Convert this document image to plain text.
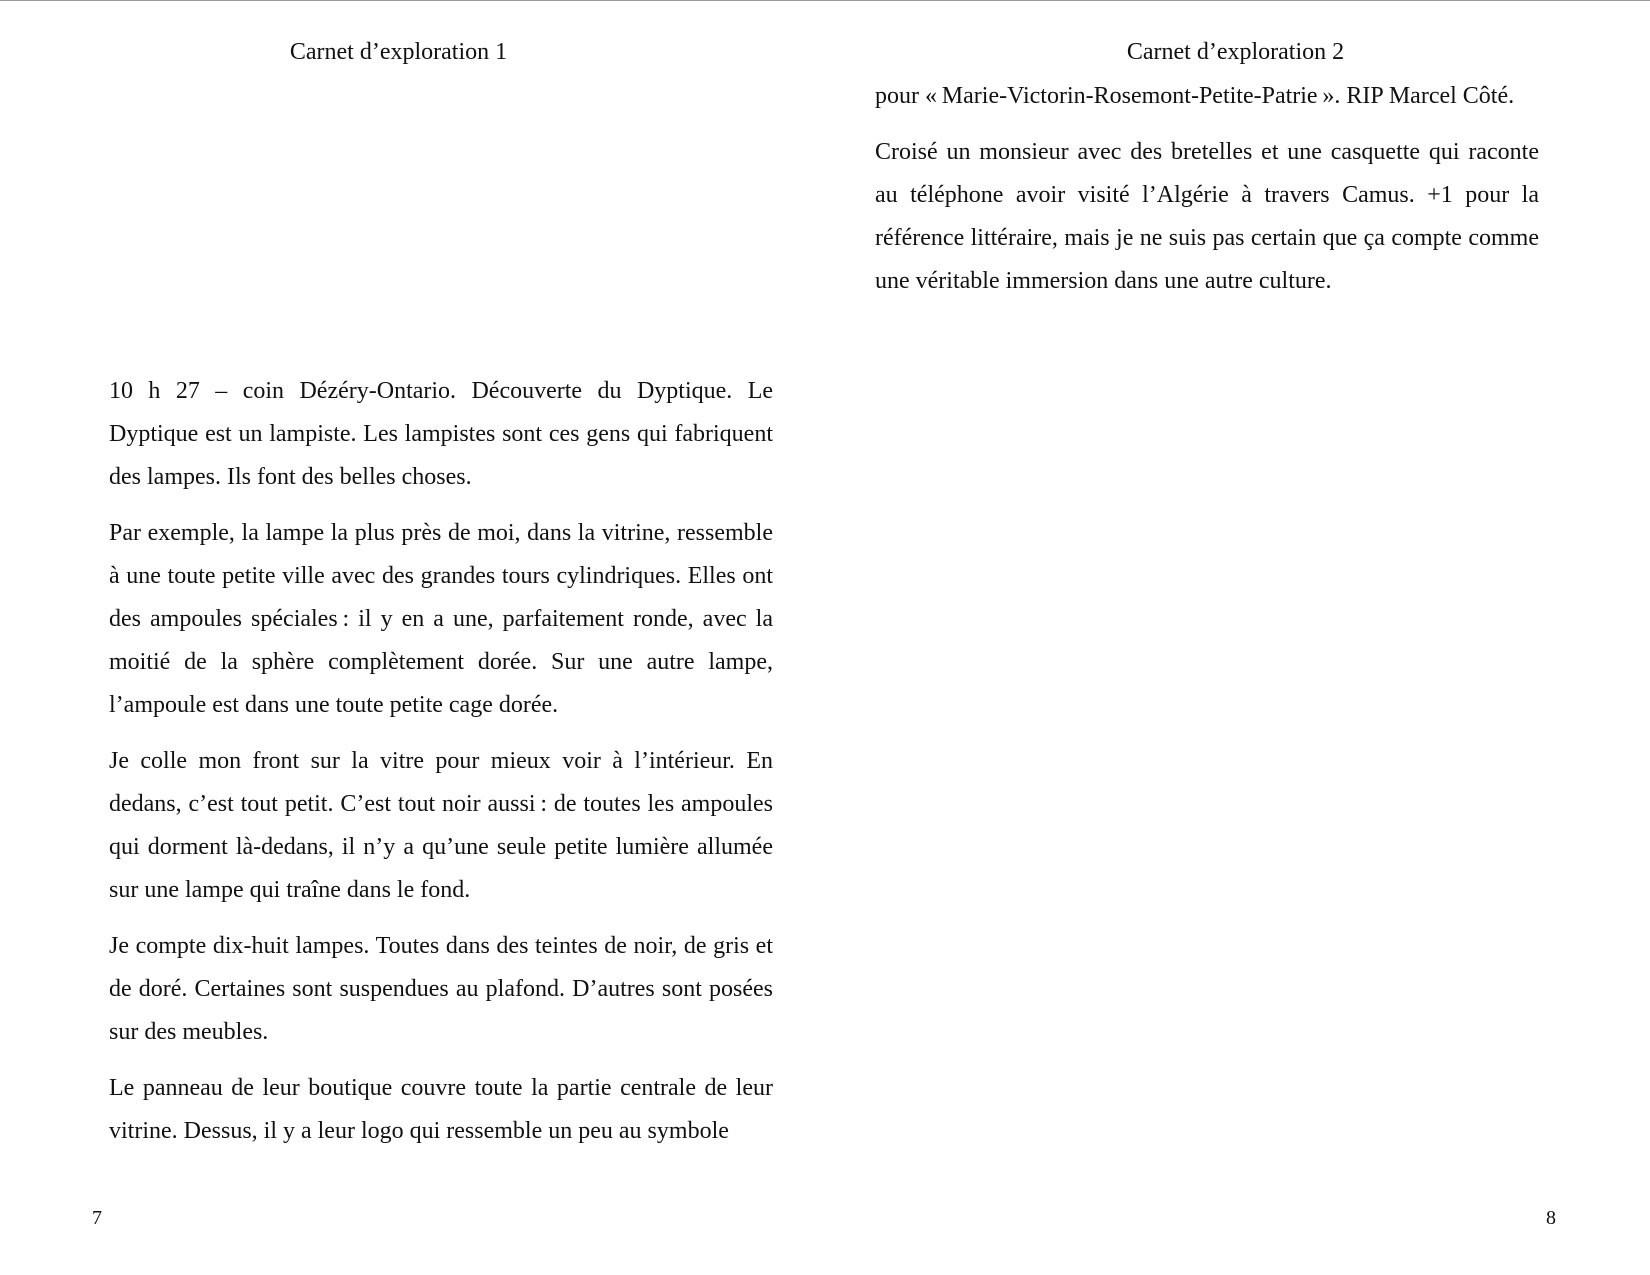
Carnet d’exploration 1

10 h 27 – coin Dézéry-Ontario. Découverte du Dyptique. Le Dyptique est un lampiste. Les lampistes sont ces gens qui fabriquent des lampes. Ils font des belles choses.

Par exemple, la lampe la plus près de moi, dans la vitrine, ressemble à une toute petite ville avec des grandes tours cylindriques. Elles ont des ampoules spéciales : il y en a une, parfaitement ronde, avec la moitié de la sphère complètement dorée. Sur une autre lampe, l’ampoule est dans une toute petite cage dorée.

Je colle mon front sur la vitre pour mieux voir à l’intérieur. En dedans, c’est tout petit. C’est tout noir aussi : de toutes les ampoules qui dorment là-dedans, il n’y a qu’une seule petite lumière allumée sur une lampe qui traîne dans le fond.

Je compte dix-huit lampes. Toutes dans des teintes de noir, de gris et de doré. Certaines sont suspendues au plafond. D’autres sont posées sur des meubles.

Le panneau de leur boutique couvre toute la partie centrale de leur vitrine. Dessus, il y a leur logo qui ressemble un peu au symbole

7
Carnet d’exploration 2

pour « Marie-Victorin-Rosemont-Petite-Patrie ». RIP Marcel Côté.

Croisé un monsieur avec des bretelles et une casquette qui raconte au téléphone avoir visité l’Algérie à travers Camus. +1 pour la référence littéraire, mais je ne suis pas certain que ça compte comme une véritable immersion dans une autre culture.

8
